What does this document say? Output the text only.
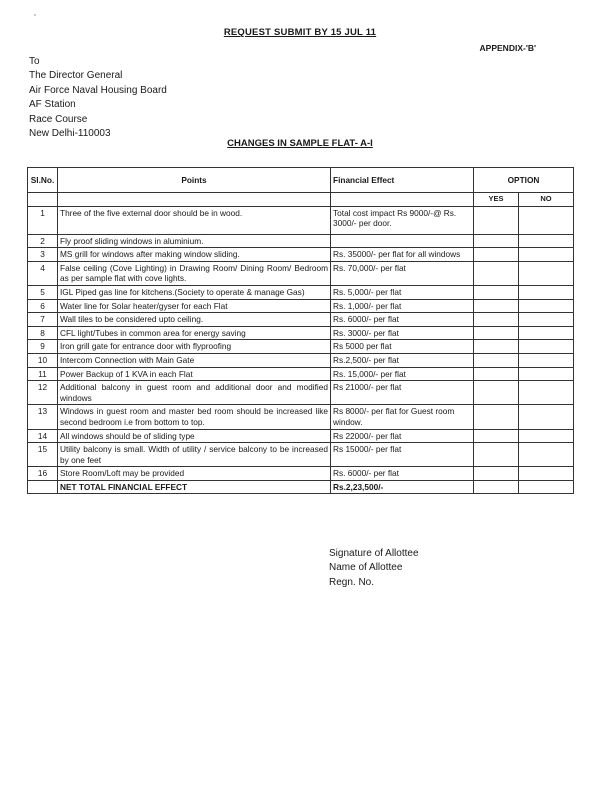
REQUEST SUBMIT BY 15 JUL 11
APPENDIX-'B'
To
The Director General
Air Force Naval Housing Board
AF Station
Race Course
New Delhi-110003
CHANGES IN SAMPLE FLAT- A-I
Sl.No.	Points	Financial Effect	OPTION	
			YES	NO
1	Three of the five external door should be in wood.	Total cost impact Rs 9000/-@ Rs. 3000/- per door.		
2	Fly proof sliding windows in aluminium.			
3	MS grill for windows after making window sliding.	Rs. 35000/- per flat for all windows		
4	False ceiling (Cove Lighting) in Drawing Room/ Dining Room/ Bedroom as per sample flat with cove lights.	Rs. 70,000/- per flat		
5	IGL Piped gas line for kitchens.(Society to operate & manage Gas)	Rs. 5,000/- per flat		
6	Water line for Solar heater/gyser for each Flat	Rs. 1,000/- per flat		
7	Wall tiles to be considered upto ceiling.	Rs. 6000/- per flat		
8	CFL light/Tubes in common area for energy saving	Rs. 3000/- per flat		
9	Iron grill gate for entrance door with flyproofing	Rs 5000 per flat		
10	Intercom Connection with Main Gate	Rs.2,500/- per flat		
11	Power Backup of 1 KVA in each Flat	Rs. 15,000/- per flat		
12	Additional balcony in guest room and additional door and modified windows	Rs 21000/- per flat		
13	Windows in guest room and master bed room should be increased like second bedroom i.e from bottom to top.	Rs 8000/- per flat for Guest room window.		
14	All windows should be of sliding type	Rs 22000/- per flat		
15	Utility balcony is small. Width of utility / service balcony to be increased by one feet	Rs 15000/- per flat		
16	Store Room/Loft may be provided	Rs. 6000/- per flat		
	NET TOTAL FINANCIAL EFFECT	Rs.2,23,500/-		
Signature of Allottee
Name of Allottee
Regn. No.
